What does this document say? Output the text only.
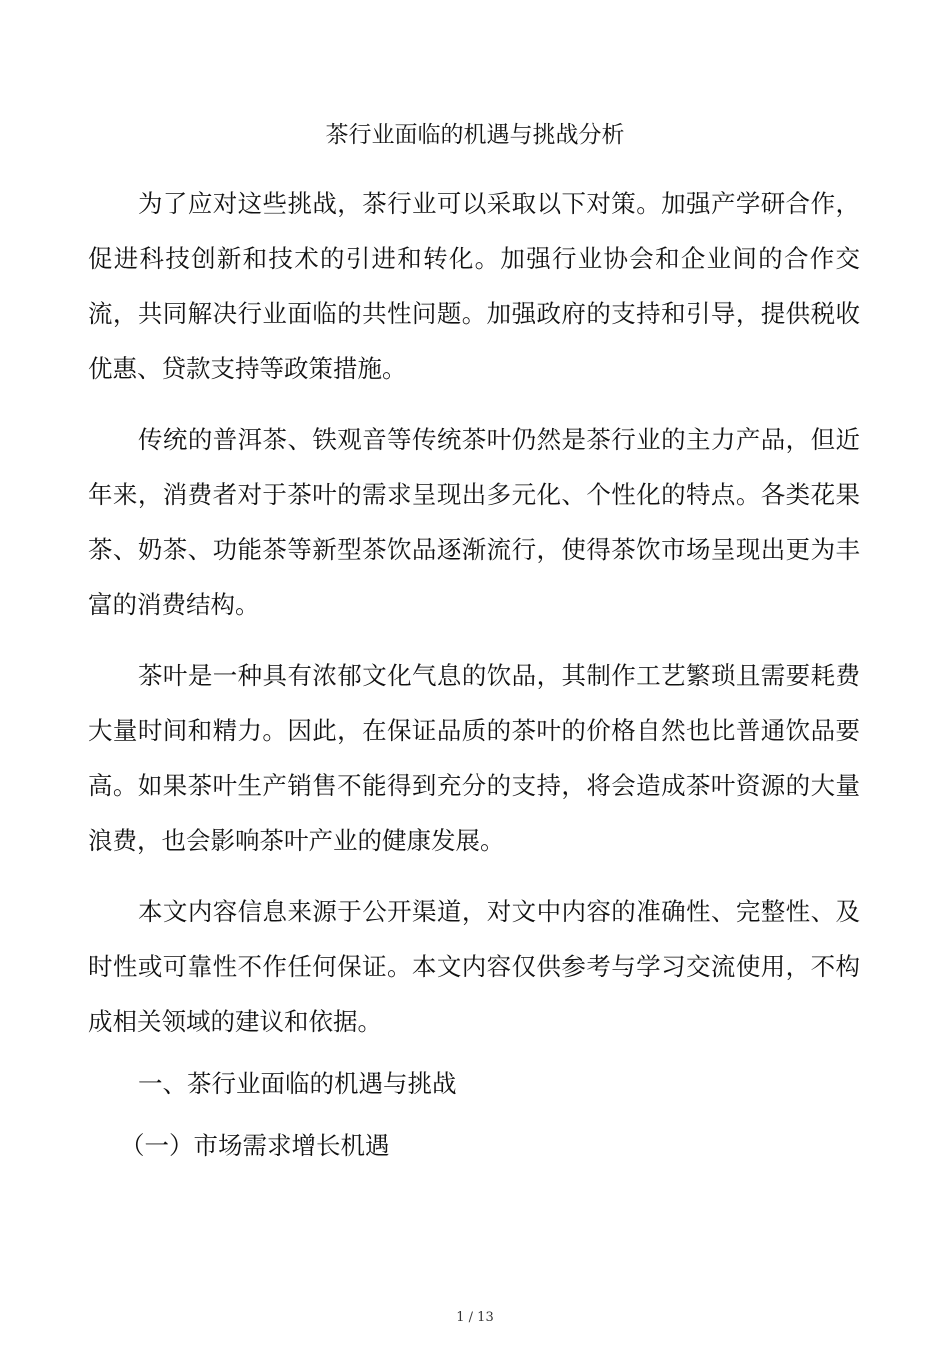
茶行业面临的机遇与挑战分析

为了应对这些挑战，茶行业可以采取以下对策。加强产学研合作，促进科技创新和技术的引进和转化。加强行业协会和企业间的合作交流，共同解决行业面临的共性问题。加强政府的支持和引导，提供税收优惠、贷款支持等政策措施。

传统的普洱茶、铁观音等传统茶叶仍然是茶行业的主力产品，但近年来，消费者对于茶叶的需求呈现出多元化、个性化的特点。各类花果茶、奶茶、功能茶等新型茶饮品逐渐流行，使得茶饮市场呈现出更为丰富的消费结构。

茶叶是一种具有浓郁文化气息的饮品，其制作工艺繁琐且需要耗费大量时间和精力。因此，在保证品质的茶叶的价格自然也比普通饮品要高。如果茶叶生产销售不能得到充分的支持，将会造成茶叶资源的大量浪费，也会影响茶叶产业的健康发展。

本文内容信息来源于公开渠道，对文中内容的准确性、完整性、及时性或可靠性不作任何保证。本文内容仅供参考与学习交流使用，不构成相关领域的建议和依据。

一、茶行业面临的机遇与挑战
（一）市场需求增长机遇
1 / 13
